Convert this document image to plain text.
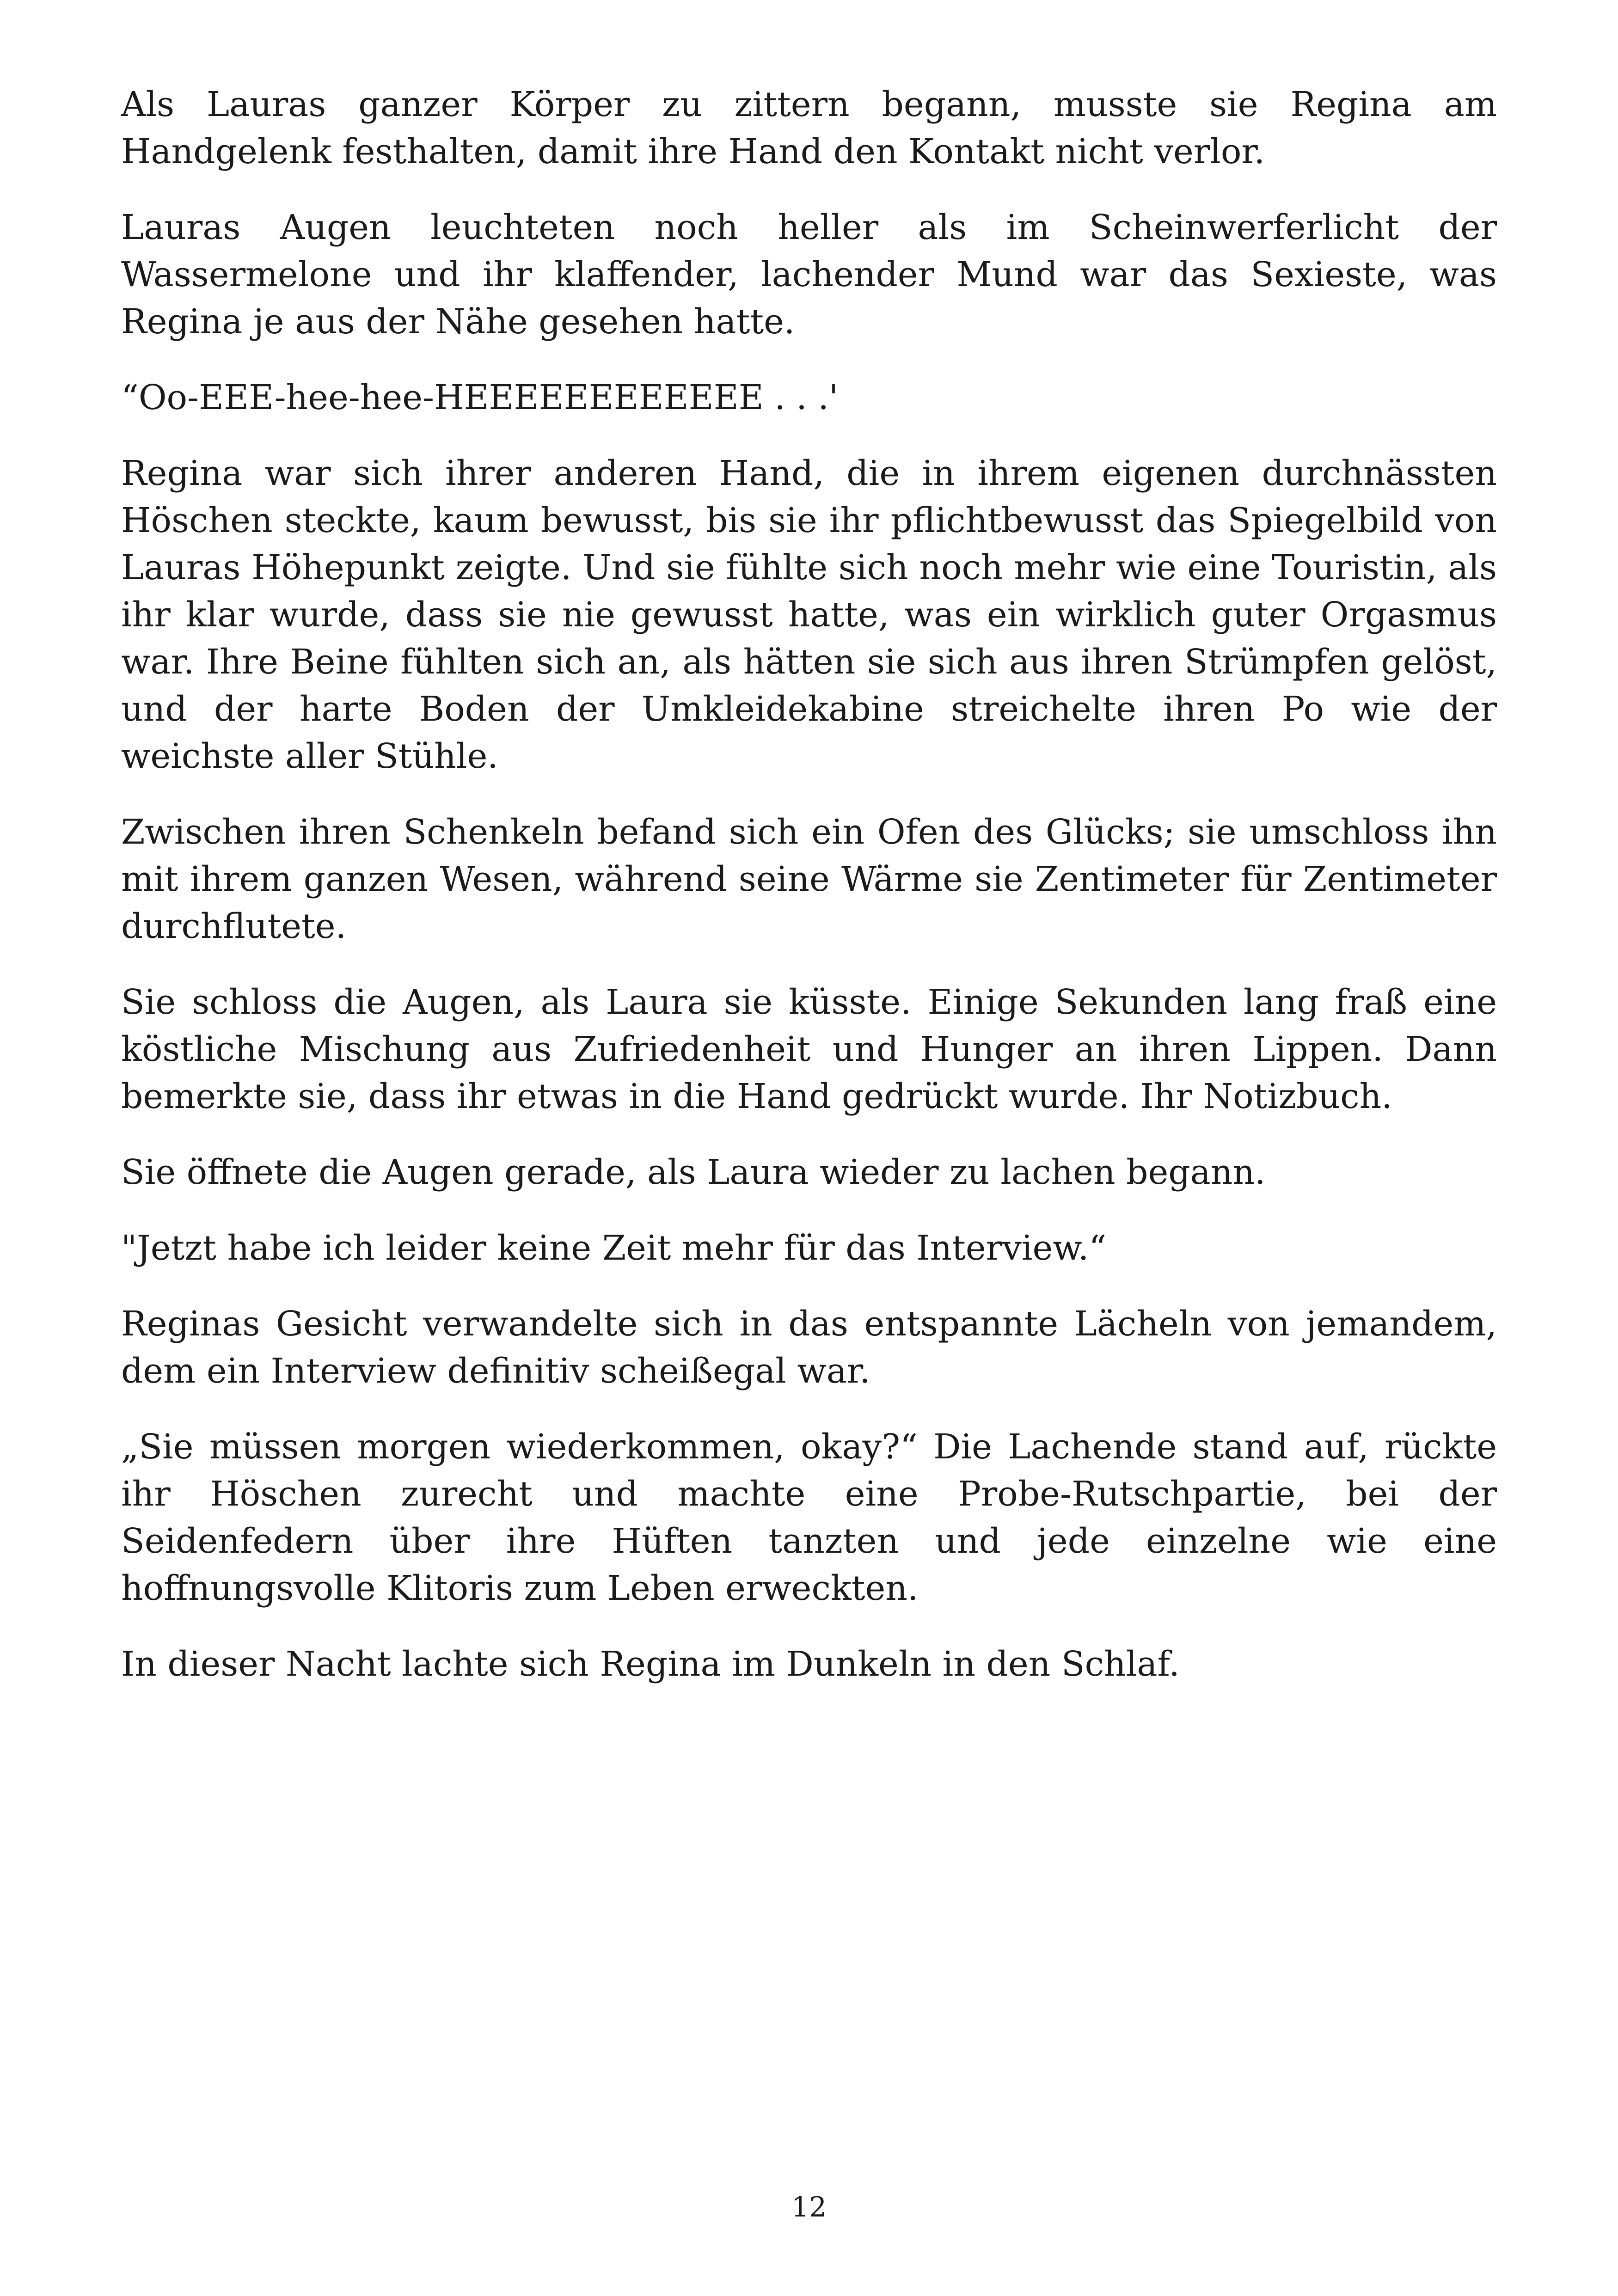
Als Lauras ganzer Körper zu zittern begann, musste sie Regina am Handgelenk festhalten, damit ihre Hand den Kontakt nicht verlor.

Lauras Augen leuchteten noch heller als im Scheinwerferlicht der Wassermelone und ihr klaffender, lachender Mund war das Sexieste, was Regina je aus der Nähe gesehen hatte.

“Oo-EEE-hee-hee-HEEEEEEEEEEEE . . .'

Regina war sich ihrer anderen Hand, die in ihrem eigenen durchnässten Höschen steckte, kaum bewusst, bis sie ihr pflichtbewusst das Spiegelbild von Lauras Höhepunkt zeigte. Und sie fühlte sich noch mehr wie eine Touristin, als ihr klar wurde, dass sie nie gewusst hatte, was ein wirklich guter Orgasmus war. Ihre Beine fühlten sich an, als hätten sie sich aus ihren Strümpfen gelöst, und der harte Boden der Umkleidekabine streichelte ihren Po wie der weichste aller Stühle.

Zwischen ihren Schenkeln befand sich ein Ofen des Glücks; sie umschloss ihn mit ihrem ganzen Wesen, während seine Wärme sie Zentimeter für Zentimeter durchflutete.

Sie schloss die Augen, als Laura sie küsste. Einige Sekunden lang fraß eine köstliche Mischung aus Zufriedenheit und Hunger an ihren Lippen. Dann bemerkte sie, dass ihr etwas in die Hand gedrückt wurde. Ihr Notizbuch.

Sie öffnete die Augen gerade, als Laura wieder zu lachen begann.

"Jetzt habe ich leider keine Zeit mehr für das Interview.“

Reginas Gesicht verwandelte sich in das entspannte Lächeln von jemandem, dem ein Interview definitiv scheißegal war.

„Sie müssen morgen wiederkommen, okay?“ Die Lachende stand auf, rückte ihr Höschen zurecht und machte eine Probe-Rutschpartie, bei der Seidenfedern über ihre Hüften tanzten und jede einzelne wie eine hoffnungsvolle Klitoris zum Leben erweckten.

In dieser Nacht lachte sich Regina im Dunkeln in den Schlaf.

12
